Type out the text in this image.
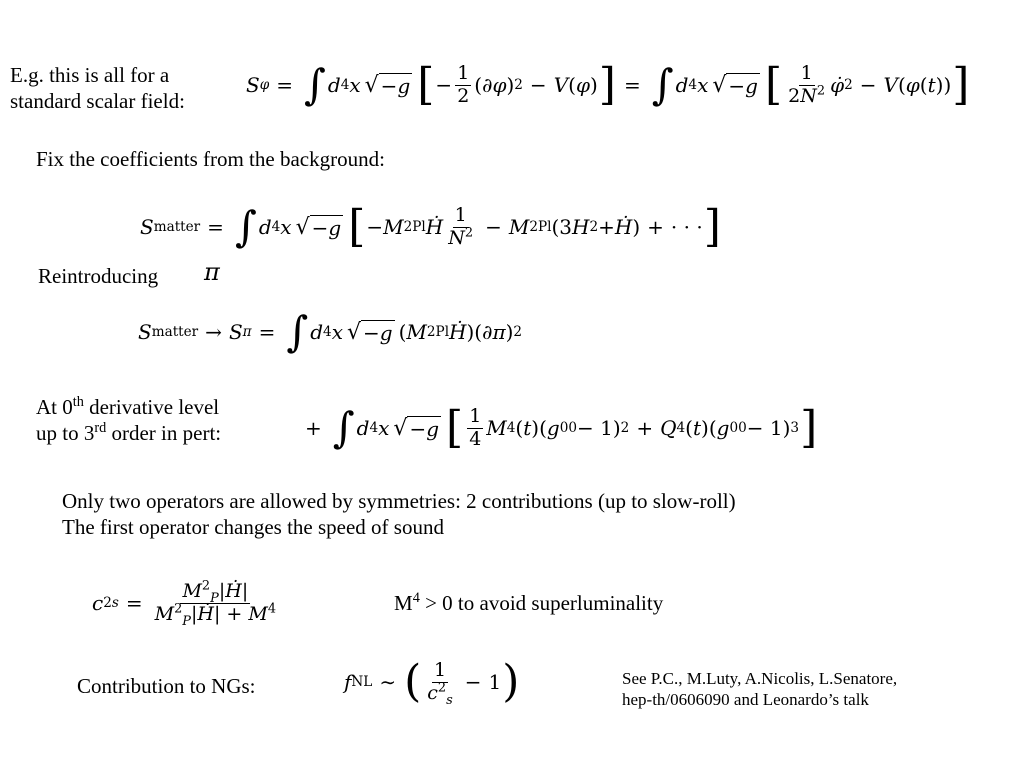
E.g. this is all for a
standard scalar field:
Fix the coefficients from the background:
Reintroducing π
At 0th derivative level
up to 3rd order in pert:
Only two operators are allowed by symmetries: 2 contributions (up to slow-roll)
The first operator changes the speed of sound
$M^4 > 0$ to avoid superluminality
Contribution to NGs:	See P.C., M.Luty, A.Nicolis, L.Senatore,
hep-th/0606090 and Leonardo’s talk
S φ = ∫ d 4 x √ −g [ − $\frac{1}{2}$ (∂ φ ) 2 − V ( φ ) ] = ∫ d 4 x √ −g [ $\frac{1}{2N^2}$ φ̇ 2 − V ( φ ( t )) ]
S matter = ∫ d 4 x √ −g [ − M 2 Pl Ḣ $\frac{1}{N^2} - M$ 2 Pl (3 H 2 + Ḣ ) + · · · ]
S matter → S π = ∫ d 4 x √ −g ( M 2 Pl Ḣ )(∂ π ) 2
+ ∫ d 4 x √ −g [ $\frac{1}{4}$ M 4 ( t )( g 00 − 1) 2 + Q 4 ( t )( g 00 − 1) 3 ]
c 2 $s = \frac{M^2_P|Ḣ|}{M^2_P|Ḣ| + M^4}$
f NL ∼ ( $\frac{1}{c^2_s} - 1$ )
